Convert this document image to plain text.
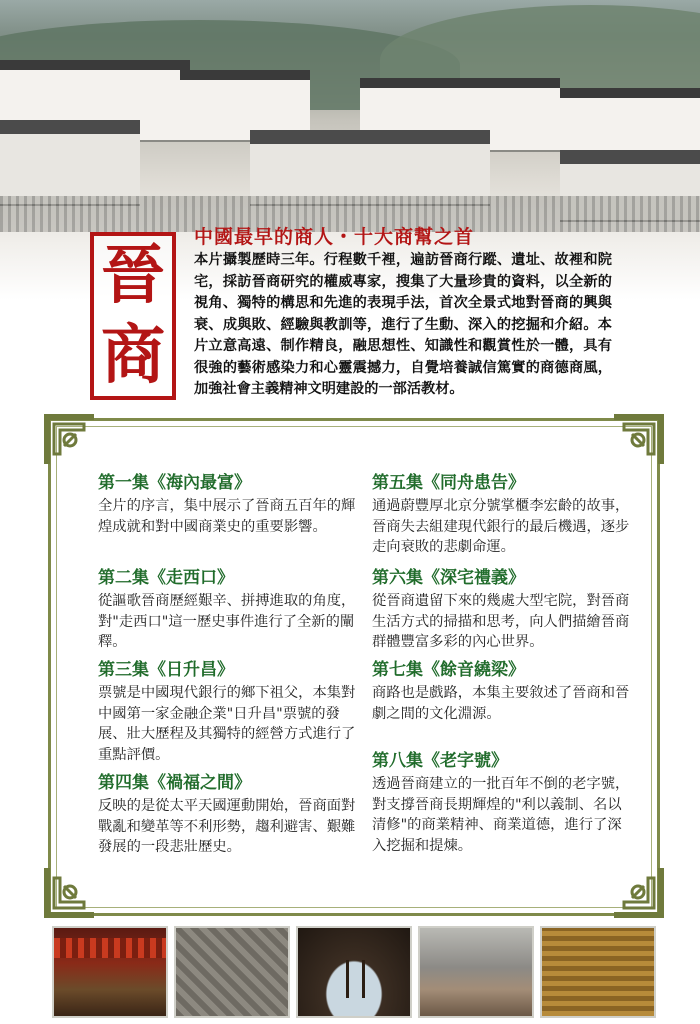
晉
商
中國最早的商人・十大商幫之首
本片攝製歷時三年。行程數千裡，遍訪晉商行蹤、遺址、故裡和院宅，採訪晉商研究的權威專家，搜集了大量珍貴的資料，以全新的視角、獨特的構思和先進的表現手法，首次全景式地對晉商的興與衰、成與敗、經驗與教訓等，進行了生動、深入的挖掘和介紹。本片立意高遠、制作精良，融思想性、知識性和觀賞性於一體，具有很強的藝術感染力和心靈震撼力，自覺培養誠信篤實的商德商風，加強社會主義精神文明建設的一部活教材。
第一集《海內最富》
全片的序言，集中展示了晉商五百年的輝煌成就和對中國商業史的重要影響。
第二集《走西口》
從謳歌晉商歷經艱辛、拼搏進取的角度，對"走西口"這一歷史事件進行了全新的闡釋。
第三集《日升昌》
票號是中國現代銀行的鄉下祖父，本集對中國第一家金融企業"日升昌"票號的發展、壯大歷程及其獨特的經營方式進行了重點評價。
第四集《禍福之間》
反映的是從太平天國運動開始，晉商面對戰亂和變革等不利形勢，趨利避害、艱難發展的一段悲壯歷史。
第五集《同舟患告》
通過蔚豐厚北京分號掌櫃李宏齡的故事，晉商失去組建現代銀行的最后機遇，逐步走向衰敗的悲劇命運。
第六集《深宅禮義》
從晉商遺留下來的幾處大型宅院，對晉商生活方式的掃描和思考，向人們描繪晉商群體豐富多彩的內心世界。
第七集《餘音繞梁》
商路也是戲路，本集主要敘述了晉商和晉劇之間的文化淵源。
第八集《老字號》
透過晉商建立的一批百年不倒的老字號，對支撐晉商長期輝煌的"利以義制、名以清修"的商業精神、商業道德，進行了深入挖掘和提煉。
